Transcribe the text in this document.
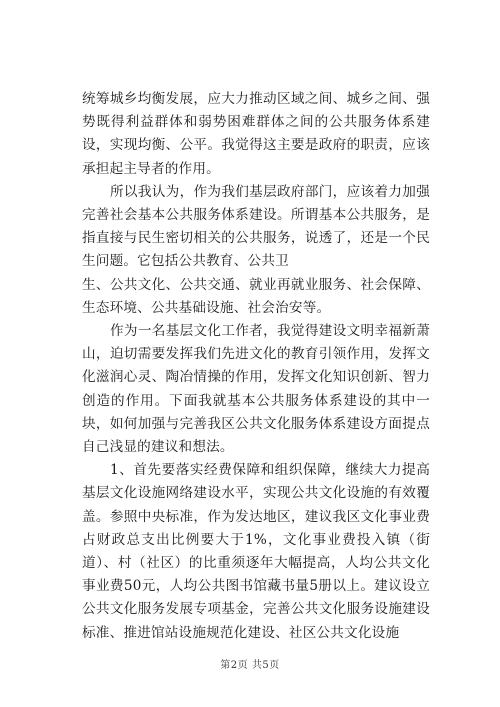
统筹城乡均衡发展，应大力推动区域之间、城乡之间、强势既得利益群体和弱势困难群体之间的公共服务体系建设，实现均衡、公平。我觉得这主要是政府的职责，应该承担起主导者的作用。

所以我认为，作为我们基层政府部门，应该着力加强完善社会基本公共服务体系建设。所谓基本公共服务，是指直接与民生密切相关的公共服务，说透了，还是一个民生问题。它包括公共教育、公共卫

生、公共文化、公共交通、就业再就业服务、社会保障、生态环境、公共基础设施、社会治安等。

作为一名基层文化工作者，我觉得建设文明幸福新萧山，迫切需要发挥我们先进文化的教育引领作用，发挥文化滋润心灵、陶冶情操的作用，发挥文化知识创新、智力创造的作用。下面我就基本公共服务体系建设的其中一块，如何加强与完善我区公共文化服务体系建设方面提点自己浅显的建议和想法。

1、首先要落实经费保障和组织保障，继续大力提高基层文化设施网络建设水平，实现公共文化设施的有效覆盖。参照中央标准，作为发达地区，建议我区文化事业费占财政总支出比例要大于1%，文化事业费投入镇（街道）、村（社区）的比重须逐年大幅提高，人均公共文化事业费50元，人均公共图书馆藏书量5册以上。建议设立公共文化服务发展专项基金，完善公共文化服务设施建设标准、推进馆站设施规范化建设、社区公共文化设施

第2页 共5页
